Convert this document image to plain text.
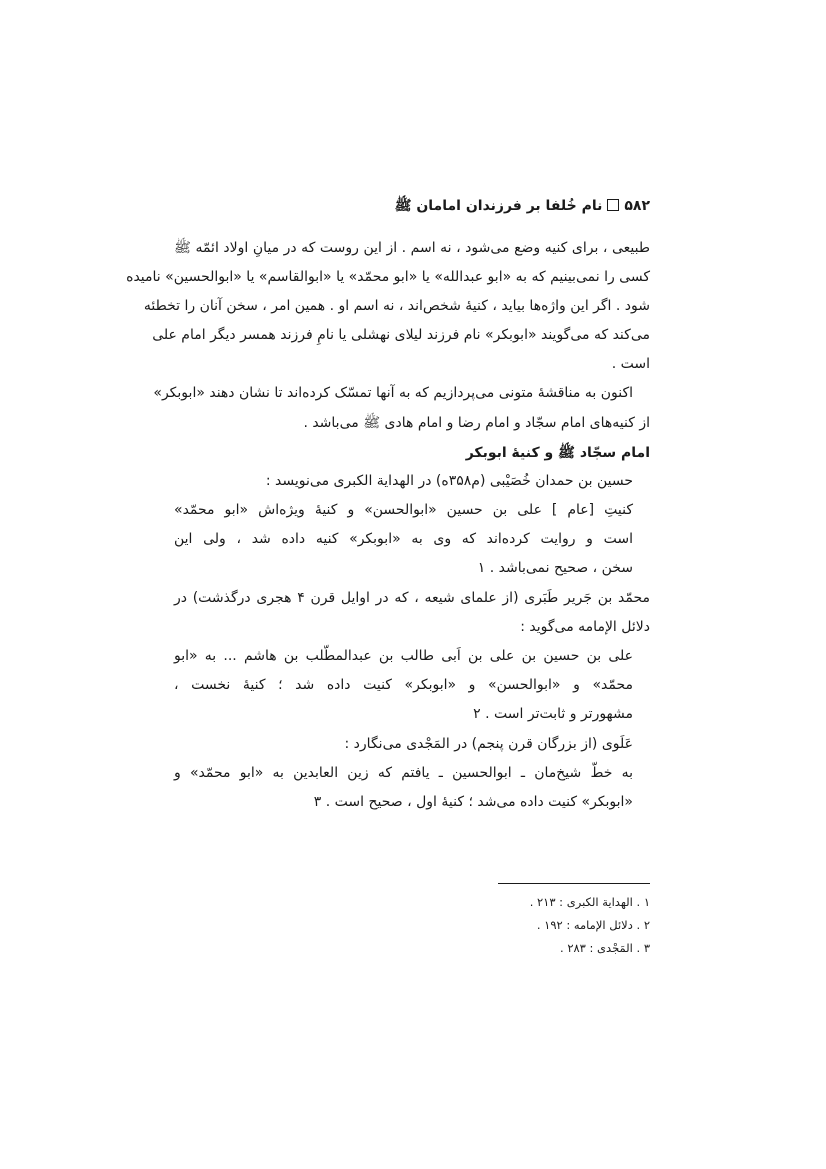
۵۸۲نام خُلفا بر فرزندان امامان ﷺ
طبیعی ، برای کنیه وضع می‌شود ، نه اسم . از این روست که در میانِ اولاد ائمّه ﷺ
کسی را نمی‌بینیم که به «ابو عبدالله» یا «ابو محمّد» یا «ابوالقاسم» یا «ابوالحسین» نامیده
شود . اگر این واژه‌ها بیاید ، کنیهٔ شخص‌اند ، نه اسم او . همین امر ، سخن آنان را تخطئه
می‌کند که می‌گویند «ابوبکر» نام فرزند لیلای نهشلی یا نامِ فرزند همسر دیگر امام علی
است .
اکنون به مناقشهٔ متونی می‌پردازیم که به آنها تمسّک کرده‌اند تا نشان دهند «ابوبکر»
از کنیه‌های امام سجّاد و امام رضا و امام هادی ﷺ می‌باشد .
امام سجّاد ﷺ و کنیهٔ ابوبکر
حسین بن حمدان خُصَیْبی (م۳۵۸ه) در الهدایة الکبری می‌نویسد :
کنیتِ [عام ] علی بن حسین «ابوالحسن» و کنیهٔ ویژه‌اش «ابو محمّد»
است و روایت کرده‌اند که وی به «ابوبکر» کنیه داده شد ، ولی این
سخن ، صحیح نمی‌باشد . ۱
محمّد بن جَریر طَبَری (از علمای شیعه ، که در اوایل قرن ۴ هجری درگذشت) در
دلائل الإمامه می‌گوید :
علی بن حسین بن علی بن اَبی طالب بن عبدالمطّلب بن هاشم ... به «ابو
محمّد» و «ابوالحسن» و «ابوبکر» کنیت داده شد ؛ کنیهٔ نخست ،
مشهورتر و ثابت‌تر است . ۲
عَلَوی (از بزرگان قرن پنجم) در المَجْدی می‌نگارد :
به خطّ شیخ‌مان ـ ابوالحسین ـ یافتم که زین العابدین به «ابو محمّد» و
«ابوبکر» کنیت داده می‌شد ؛ کنیهٔ اول ، صحیح است . ۳
۱ . الهدایة الکبری : ۲۱۳ .
۲ . دلائل الإمامه : ۱۹۲ .
۳ . المَجْدی : ۲۸۳ .
